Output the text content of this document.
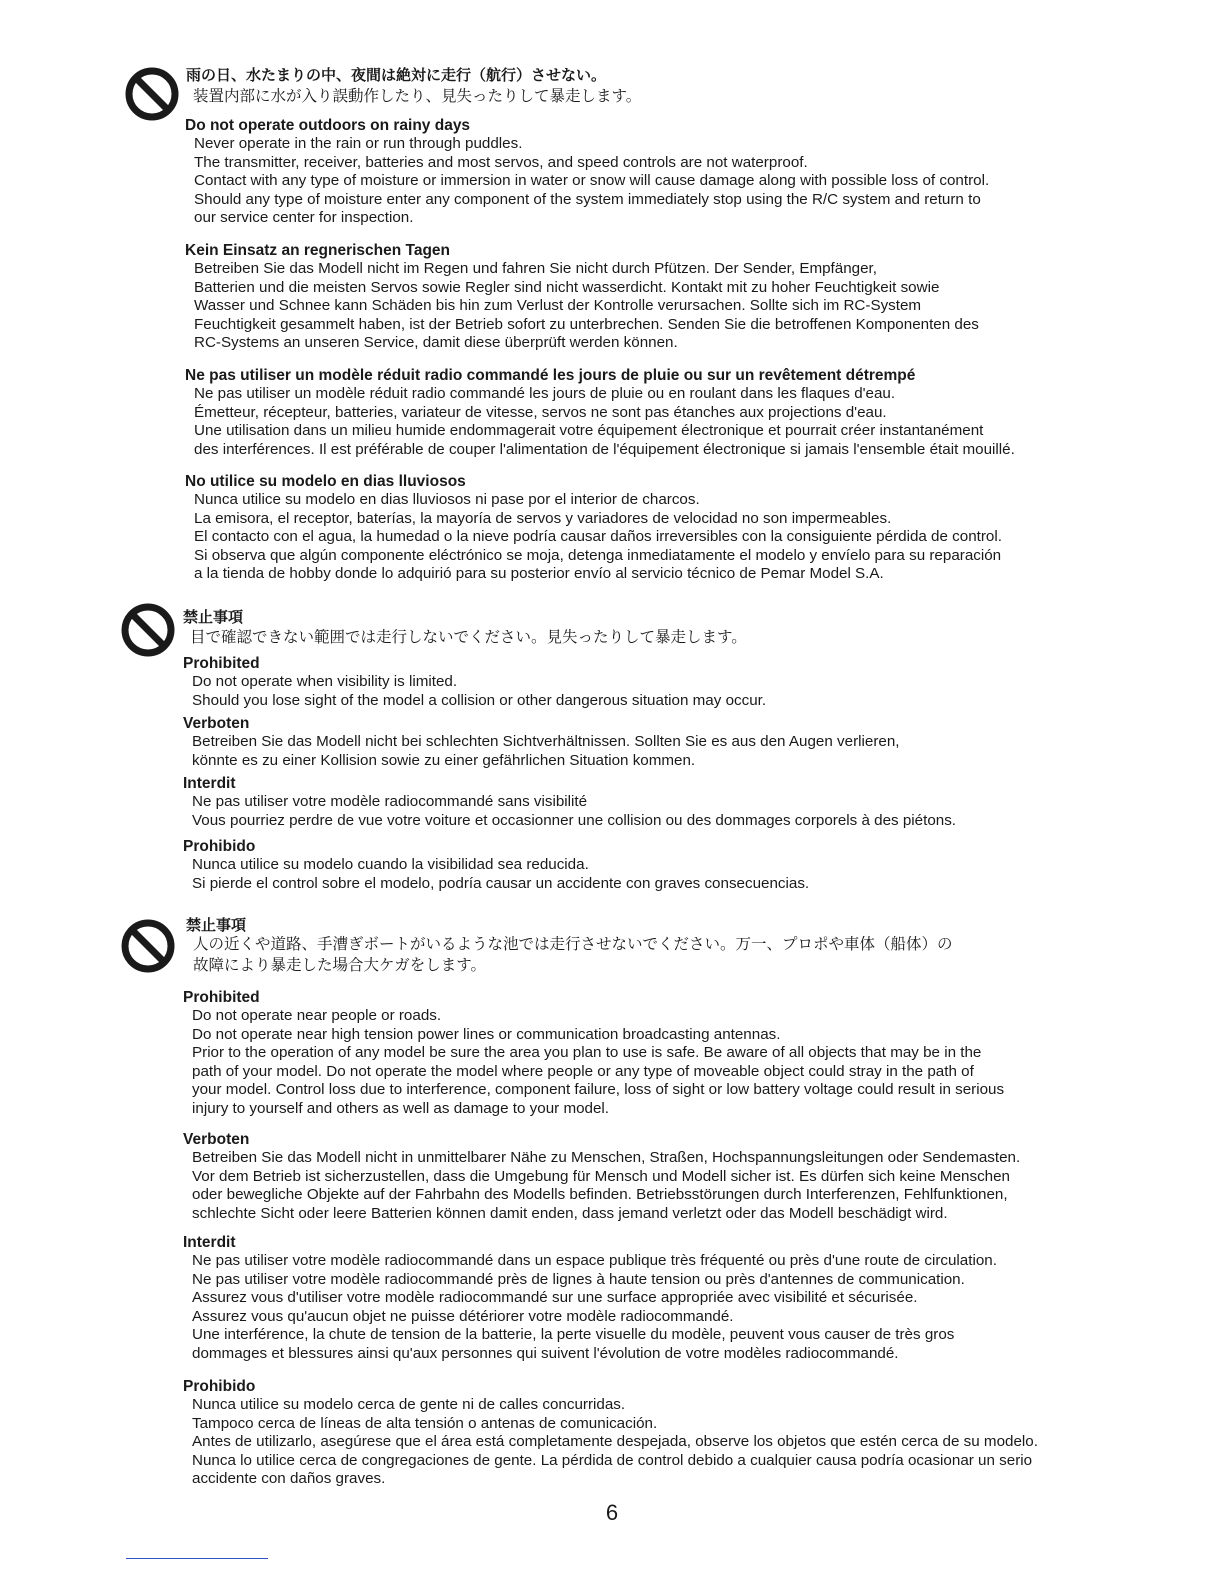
雨の日、水たまりの中、夜間は絶対に走行（航行）させない。
装置内部に水が入り誤動作したり、見失ったりして暴走します。
Do not operate outdoors on rainy days
Never operate in the rain or run through puddles.
The transmitter, receiver, batteries and most servos, and speed controls are not waterproof.
Contact with any type of moisture or immersion in water or snow will cause damage along with possible loss of control.
Should any type of moisture enter any component of the system immediately stop using the R/C system and return to
our service center for inspection.
Kein Einsatz an regnerischen Tagen
Betreiben Sie das Modell nicht im Regen und fahren Sie nicht durch Pfützen. Der Sender, Empfänger,
Batterien und die meisten Servos sowie Regler sind nicht wasserdicht. Kontakt mit zu hoher Feuchtigkeit sowie
Wasser und Schnee kann Schäden bis hin zum Verlust der Kontrolle verursachen. Sollte sich im RC-System
Feuchtigkeit gesammelt haben, ist der Betrieb sofort zu unterbrechen. Senden Sie die betroffenen Komponenten des
RC-Systems an unseren Service, damit diese überprüft werden können.
Ne pas utiliser un modèle réduit radio commandé les jours de pluie ou sur un revêtement détrempé
Ne pas utiliser un modèle réduit radio commandé les jours de pluie ou en roulant dans les flaques d'eau.
Émetteur, récepteur, batteries, variateur de vitesse, servos ne sont pas étanches aux projections d'eau.
Une utilisation dans un milieu humide endommagerait votre équipement électronique et pourrait créer instantanément
des interférences. Il est préférable de couper l'alimentation de l'équipement électronique si jamais l'ensemble était mouillé.
No utilice su modelo en dias lluviosos
Nunca utilice su modelo en dias lluviosos ni pase por el interior de charcos.
La emisora, el receptor, baterías, la mayoría de servos y variadores de velocidad no son impermeables.
El contacto con el agua, la humedad o la nieve podría causar daños irreversibles con la consiguiente pérdida de control.
Si observa que algún componente eléctrónico se moja, detenga inmediatamente el modelo y envíelo para su reparación
a la tienda de hobby donde lo adquirió para su posterior envío al servicio técnico de Pemar Model S.A.
禁止事項
目で確認できない範囲では走行しないでください。見失ったりして暴走します。
Prohibited
Do not operate when visibility is limited.
Should you lose sight of the model a collision or other dangerous situation may occur.
Verboten
Betreiben Sie das Modell nicht bei schlechten Sichtverhältnissen. Sollten Sie es aus den Augen verlieren,
könnte es zu einer Kollision sowie zu einer gefährlichen Situation kommen.
Interdit
Ne pas utiliser votre modèle radiocommandé sans visibilité
Vous pourriez perdre de vue votre voiture et occasionner une collision ou des dommages corporels à des piétons.
Prohibido
Nunca utilice su modelo cuando la visibilidad sea reducida.
Si pierde el control sobre el modelo, podría causar un accidente con graves consecuencias.
禁止事項
人の近くや道路、手漕ぎボートがいるような池では走行させないでください。万一、プロポや車体（船体）の
故障により暴走した場合大ケガをします。
Prohibited
Do not operate near people or roads.
Do not operate near high tension power lines or communication broadcasting antennas.
Prior to the operation of any model be sure the area you plan to use is safe. Be aware of all objects that may be in the
path of your model. Do not operate the model where people or any type of moveable object could stray in the path of
your model. Control loss due to interference, component failure, loss of sight or low battery voltage could result in serious
injury to yourself and others as well as damage to your model.
Verboten
Betreiben Sie das Modell nicht in unmittelbarer Nähe zu Menschen, Straßen, Hochspannungsleitungen oder Sendemasten.
Vor dem Betrieb ist sicherzustellen, dass die Umgebung für Mensch und Modell sicher ist. Es dürfen sich keine Menschen
oder bewegliche Objekte auf der Fahrbahn des Modells befinden. Betriebsstörungen durch Interferenzen, Fehlfunktionen,
schlechte Sicht oder leere Batterien können damit enden, dass jemand verletzt oder das Modell beschädigt wird.
Interdit
Ne pas utiliser votre modèle radiocommandé dans un espace publique très fréquenté ou près d'une route de circulation.
Ne pas utiliser votre modèle radiocommandé près de lignes à haute tension ou près d'antennes de communication.
Assurez vous d'utiliser votre modèle radiocommandé sur une surface appropriée avec visibilité et sécurisée.
Assurez vous qu'aucun objet ne puisse détériorer votre modèle radiocommandé.
Une interférence, la chute de tension de la batterie, la perte visuelle du modèle, peuvent vous causer de très gros
dommages et blessures ainsi qu'aux personnes qui suivent l'évolution de votre modèles radiocommandé.
Prohibido
Nunca utilice su modelo cerca de gente ni de calles concurridas.
Tampoco cerca de líneas de alta tensión o antenas de comunicación.
Antes de utilizarlo, asegúrese que el área está completamente despejada, observe los objetos que estén cerca de su modelo.
Nunca lo utilice cerca de congregaciones de gente. La pérdida de control debido a cualquier causa podría ocasionar un serio
accidente con daños graves.
6
